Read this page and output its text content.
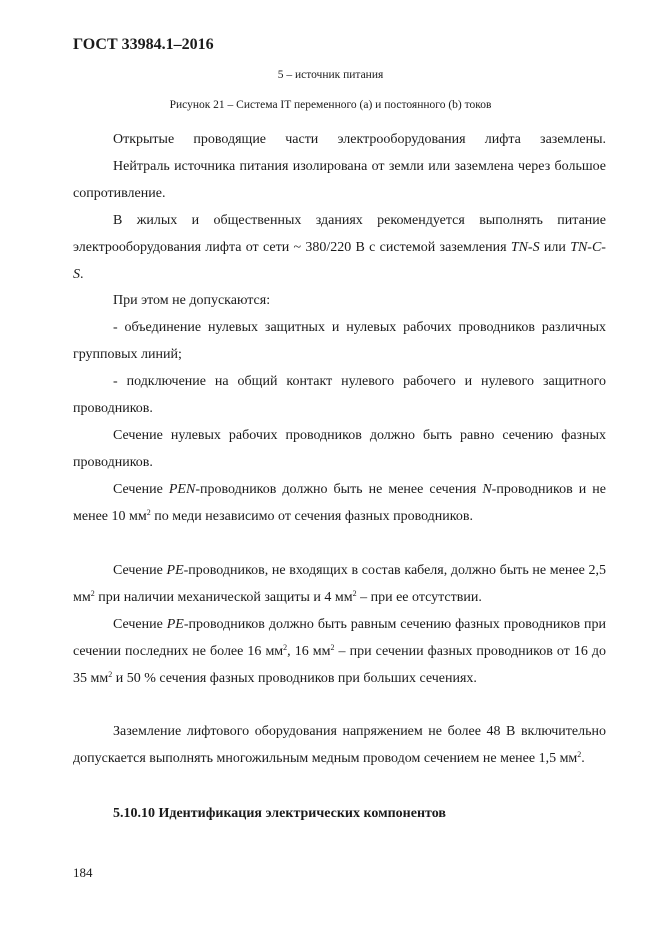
ГОСТ 33984.1–2016
5 – источник питания
Рисунок 21 – Система IT переменного (а) и постоянного (b) токов

Открытые проводящие части электрооборудования лифта заземлены.

Нейтраль источника питания изолирована от земли или заземлена через большое сопротивление.

В жилых и общественных зданиях рекомендуется выполнять питание электрооборудования лифта от сети ~ 380/220 В с системой заземления TN-S или TN-C-S.

При этом не допускаются:

- объединение нулевых защитных и нулевых рабочих проводников различных групповых линий;

- подключение на общий контакт нулевого рабочего и нулевого защитного проводников.

Сечение нулевых рабочих проводников должно быть равно сечению фазных проводников.

Сечение PEN-проводников должно быть не менее сечения N-проводников и не менее 10 $мм^2$ по меди независимо от сечения фазных проводников.

Сечение PE-проводников, не входящих в состав кабеля, должно быть не менее 2,5 $мм^2$ при наличии механической защиты и 4 $мм^2$ – при ее отсутствии.

Сечение PE-проводников должно быть равным сечению фазных проводников при сечении последних не более 16 $мм^2$, 16 $мм^2$ – при сечении фазных проводников от 16 до 35 $мм^2$ и 50 % сечения фазных проводников при больших сечениях.

Заземление лифтового оборудования напряжением не более 48 В включительно допускается выполнять многожильным медным проводом сечением не менее 1,5 $мм^2$.

5.10.10 Идентификация электрических компонентов
184
